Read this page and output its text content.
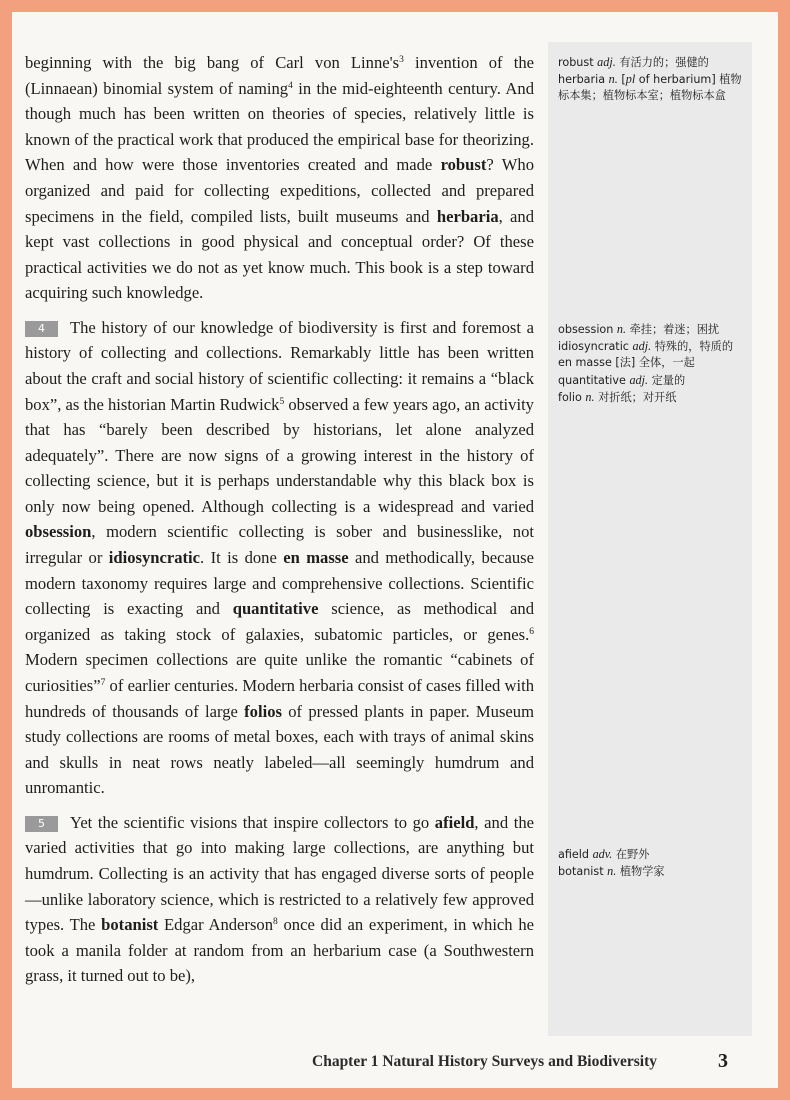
beginning with the big bang of Carl von $Linne's^3$ invention of the (Linnaean) binomial system of naming$^4$ in the mid-eighteenth century. And though much has been written on theories of species, relatively little is known of the practical work that produced the empirical base for theorizing. When and how were those inventories created and made robust? Who organized and paid for collecting expeditions, collected and prepared specimens in the field, compiled lists, built museums and herbaria, and kept vast collections in good physical and conceptual order? Of these practical activities we do not as yet know much. This book is a step toward acquiring such knowledge.

4 The history of our knowledge of biodiversity is first and foremost a history of collecting and collections. Remarkably little has been written about the craft and social history of scientific collecting: it remains a “black box”, as the historian Martin Rudwick$^5$ observed a few years ago, an activity that has “barely been described by historians, let alone analyzed adequately”. There are now signs of a growing interest in the history of collecting science, but it is perhaps understandable why this black box is only now being opened. Although collecting is a widespread and varied obsession, modern scientific collecting is sober and businesslike, not irregular or idiosyncratic. It is done en masse and methodically, because modern taxonomy requires large and comprehensive collections. Scientific collecting is exacting and quantitative science, as methodical and organized as taking stock of galaxies, subatomic particles, or genes.$^6$ Modern specimen collections are quite unlike the romantic “cabinets of curiosities”$^7$ of earlier centuries. Modern herbaria consist of cases filled with hundreds of thousands of large folios of pressed plants in paper. Museum study collections are rooms of metal boxes, each with trays of animal skins and skulls in neat rows neatly labeled—all seemingly humdrum and unromantic.

5 Yet the scientific visions that inspire collectors to go afield, and the varied activities that go into making large collections, are anything but humdrum. Collecting is an activity that has engaged diverse sorts of people—unlike laboratory science, which is restricted to a relatively few approved types. The botanist Edgar Anderson$^8$ once did an experiment, in which he took a manila folder at random from an herbarium case (a Southwestern grass, it turned out to be),

robust adj. 有活力的；强健的
herbaria n. [pl of herbarium] 植物标本集；植物标本室；植物标本盒
obsession n. 牵挂；着迷；困扰
idiosyncratic adj. 特殊的，特质的
en masse [法] 全体，一起
quantitative adj. 定量的
folio n. 对折纸；对开纸
afield adv. 在野外
botanist n. 植物学家
Chapter 1 Natural History Surveys and Biodiversity	3
